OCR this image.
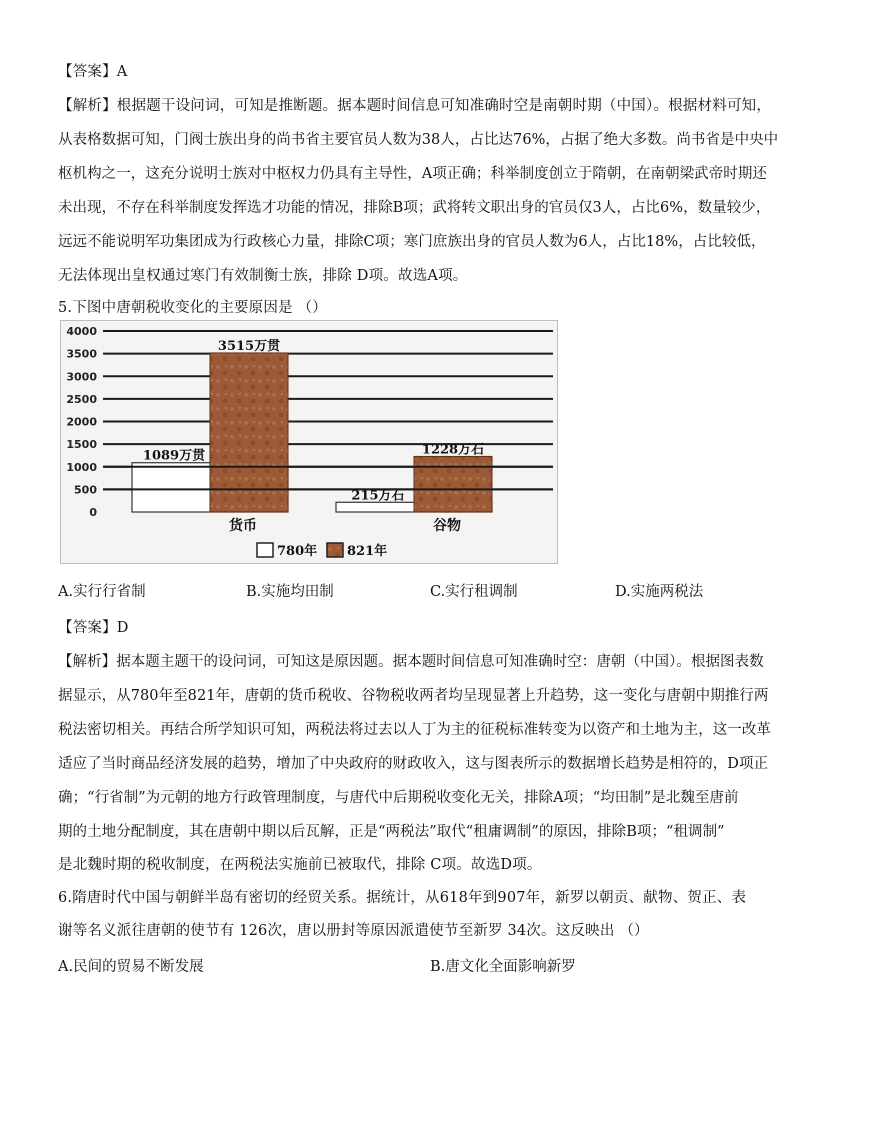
【答案】A
【解析】根据题干设问词，可知是推断题。据本题时间信息可知准确时空是南朝时期（中国）。根据材料可知，
从表格数据可知，门阀士族出身的尚书省主要官员人数为38人，占比达76%，占据了绝大多数。尚书省是中央中
枢机构之一，这充分说明士族对中枢权力仍具有主导性，A项正确；科举制度创立于隋朝，在南朝梁武帝时期还
未出现，不存在科举制度发挥选才功能的情况，排除B项；武将转文职出身的官员仅3人，占比6%，数量较少，
远远不能说明军功集团成为行政核心力量，排除C项；寒门庶族出身的官员人数为6人，占比18%，占比较低，
无法体现出皇权通过寒门有效制衡士族，排除 D项。故选A项。
5.下图中唐朝税收变化的主要原因是 （）
0
500
1000
1500
2000
2500
3000
3500
4000
1089万贯
3515万贯
货币
215万石
1228万石
谷物
780年 821年
A.实行行省制	B.实施均田制	C.实行租调制	D.实施两税法
【答案】D
【解析】据本题主题干的设问词，可知这是原因题。据本题时间信息可知准确时空：唐朝（中国）。根据图表数
据显示，从780年至821年，唐朝的货币税收、谷物税收两者均呈现显著上升趋势，这一变化与唐朝中期推行两
税法密切相关。再结合所学知识可知，两税法将过去以人丁为主的征税标准转变为以资产和土地为主，这一改革
适应了当时商品经济发展的趋势，增加了中央政府的财政收入，这与图表所示的数据增长趋势是相符的，D项正
确；“行省制”为元朝的地方行政管理制度，与唐代中后期税收变化无关，排除A项；“均田制”是北魏至唐前
期的土地分配制度，其在唐朝中期以后瓦解，正是“两税法”取代“租庸调制”的原因，排除B项；“租调制”
是北魏时期的税收制度，在两税法实施前已被取代，排除 C项。故选D项。
6.隋唐时代中国与朝鲜半岛有密切的经贸关系。据统计，从618年到907年，新罗以朝贡、献物、贺正、表
谢等名义派往唐朝的使节有 126次，唐以册封等原因派遣使节至新罗 34次。这反映出 （）
A.民间的贸易不断发展	B.唐文化全面影响新罗
